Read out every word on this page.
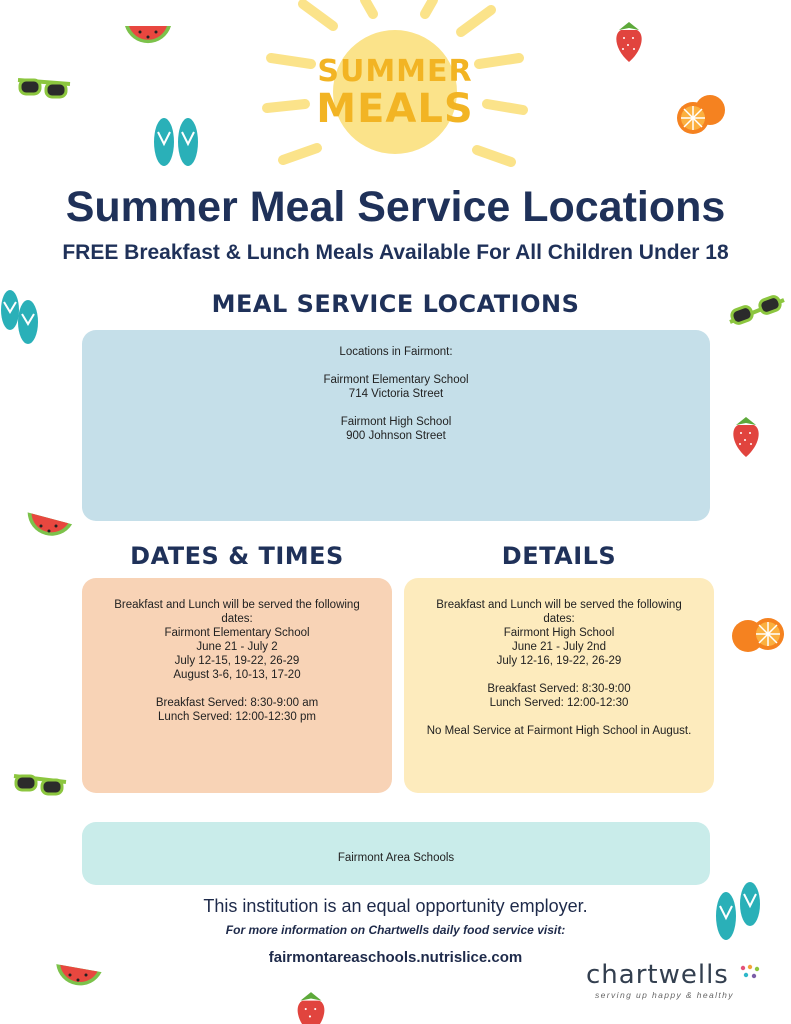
SUMMER
MEALS
Summer Meal Service Locations
FREE Breakfast & Lunch Meals Available For All Children Under 18
MEAL SERVICE LOCATIONS
Locations in Fairmont:
Fairmont Elementary School
714 Victoria Street
Fairmont High School
900 Johnson Street
DATES & TIMES	DETAILS
Breakfast and Lunch will be served the following
dates:
Fairmont Elementary School
June 21 - July 2
July 12-15, 19-22, 26-29
August 3-6, 10-13, 17-20
Breakfast Served: 8:30-9:00 am
Lunch Served: 12:00-12:30 pm
Breakfast and Lunch will be served the following
dates:
Fairmont High School
June 21 - July 2nd
July 12-16, 19-22, 26-29
Breakfast Served: 8:30-9:00
Lunch Served: 12:00-12:30
No Meal Service at Fairmont High School in August.
Fairmont Area Schools
This institution is an equal opportunity employer.
For more information on Chartwells daily food service visit:
fairmontareaschools.nutrislice.com
chartwells
serving up happy & healthy
